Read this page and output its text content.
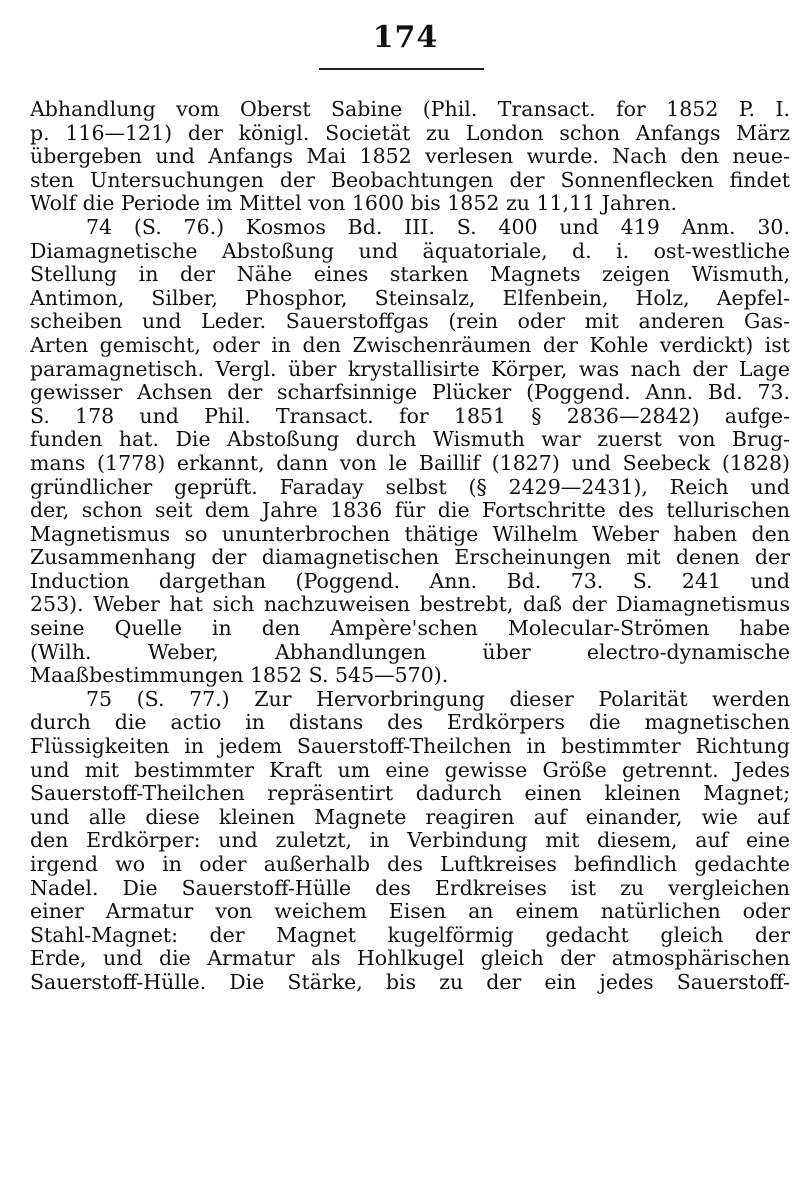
174
Abhandlung vom Oberst Sabine (Phil. Transact. for 1852 P. I.
p. 116—121) der königl. Societät zu London schon Anfangs März
übergeben und Anfangs Mai 1852 verlesen wurde. Nach den neue-
sten Untersuchungen der Beobachtungen der Sonnenflecken findet
Wolf die Periode im Mittel von 1600 bis 1852 zu 11,11 Jahren.
74 (S. 76.) Kosmos Bd. III. S. 400 und 419 Anm. 30.
Diamagnetische Abstoßung und äquatoriale, d. i. ost-westliche
Stellung in der Nähe eines starken Magnets zeigen Wismuth,
Antimon, Silber, Phosphor, Steinsalz, Elfenbein, Holz, Aepfel-
scheiben und Leder. Sauerstoffgas (rein oder mit anderen Gas-
Arten gemischt, oder in den Zwischenräumen der Kohle verdickt) ist
paramagnetisch. Vergl. über krystallisirte Körper, was nach der Lage
gewisser Achsen der scharfsinnige Plücker (Poggend. Ann. Bd. 73.
S. 178 und Phil. Transact. for 1851 § 2836—2842) aufge-
funden hat. Die Abstoßung durch Wismuth war zuerst von Brug-
mans (1778) erkannt, dann von le Baillif (1827) und Seebeck (1828)
gründlicher geprüft. Faraday selbst (§ 2429—2431), Reich und
der, schon seit dem Jahre 1836 für die Fortschritte des tellurischen
Magnetismus so ununterbrochen thätige Wilhelm Weber haben den
Zusammenhang der diamagnetischen Erscheinungen mit denen der
Induction dargethan (Poggend. Ann. Bd. 73. S. 241 und
253). Weber hat sich nachzuweisen bestrebt, daß der Diamagnetismus
seine Quelle in den Ampère'schen Molecular-Strömen habe
(Wilh. Weber, Abhandlungen über electro-dynamische
Maaßbestimmungen 1852 S. 545—570).
75 (S. 77.) Zur Hervorbringung dieser Polarität werden
durch die actio in distans des Erdkörpers die magnetischen
Flüssigkeiten in jedem Sauerstoff-Theilchen in bestimmter Richtung
und mit bestimmter Kraft um eine gewisse Größe getrennt. Jedes
Sauerstoff-Theilchen repräsentirt dadurch einen kleinen Magnet;
und alle diese kleinen Magnete reagiren auf einander, wie auf
den Erdkörper: und zuletzt, in Verbindung mit diesem, auf eine
irgend wo in oder außerhalb des Luftkreises befindlich gedachte
Nadel. Die Sauerstoff-Hülle des Erdkreises ist zu vergleichen
einer Armatur von weichem Eisen an einem natürlichen oder
Stahl-Magnet: der Magnet kugelförmig gedacht gleich der
Erde, und die Armatur als Hohlkugel gleich der atmosphärischen
Sauerstoff-Hülle. Die Stärke, bis zu der ein jedes Sauerstoff-
